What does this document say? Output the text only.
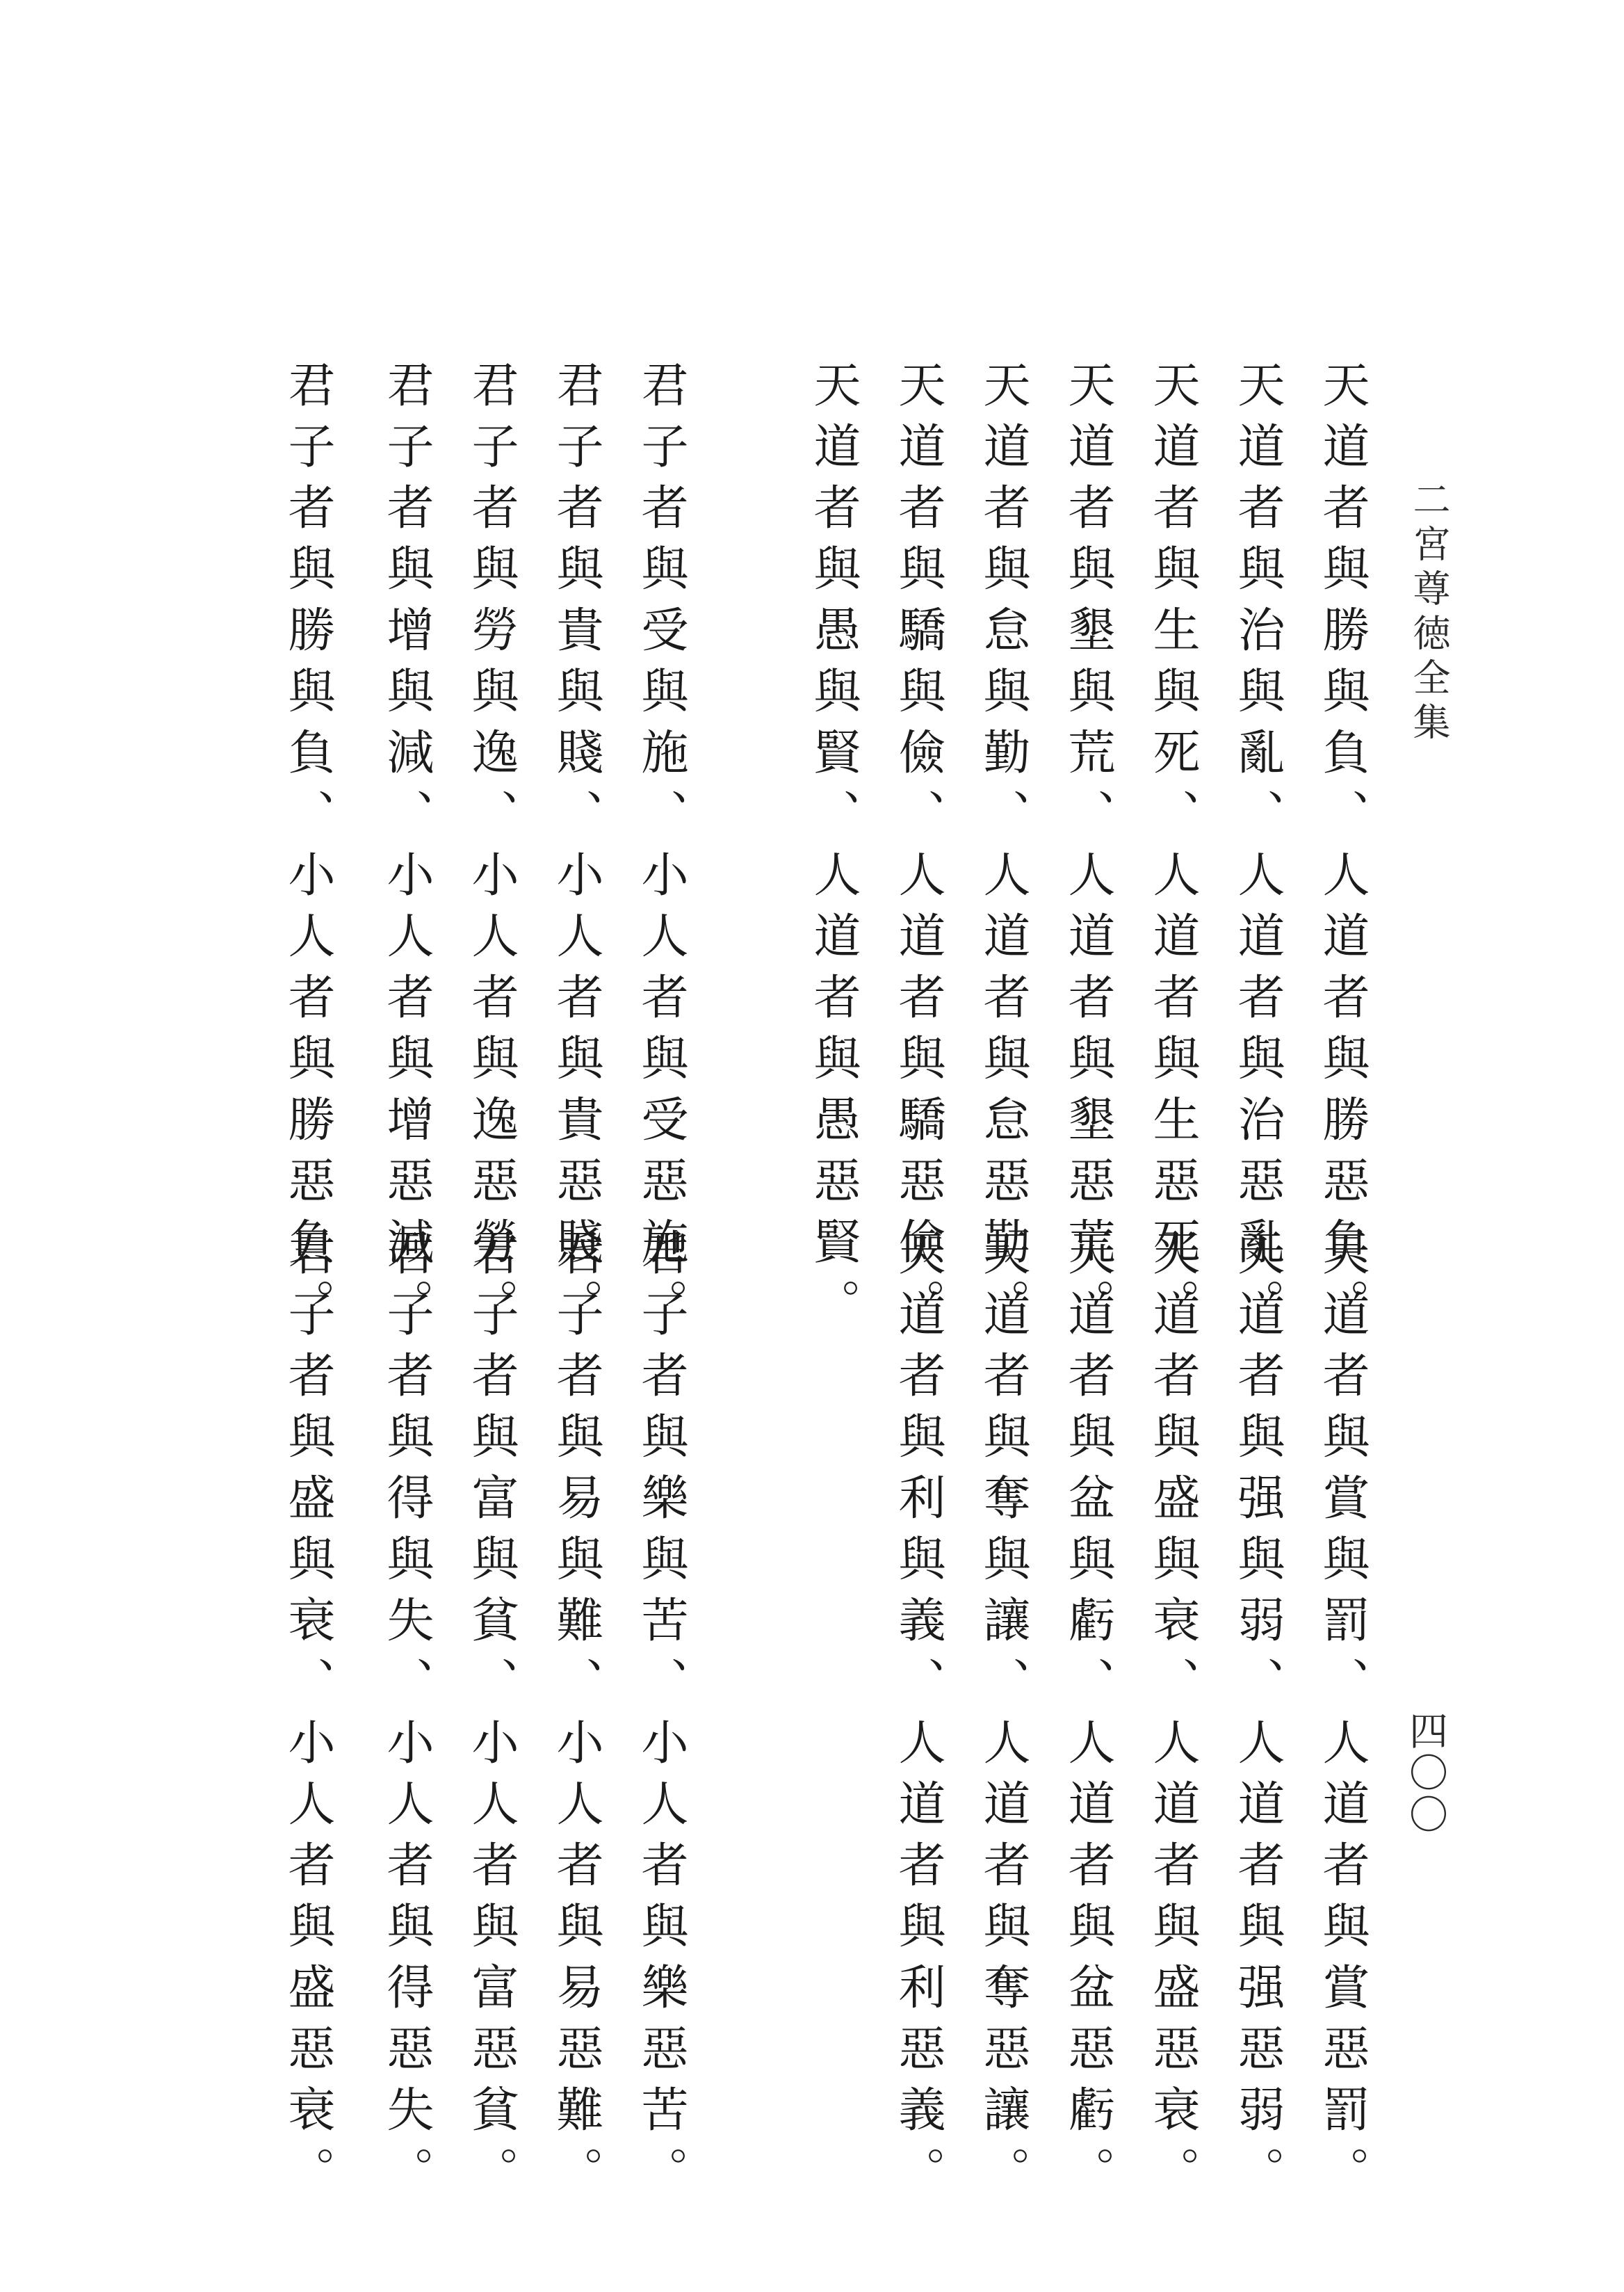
二宮尊徳全集
四〇〇
天道者與勝與負、人道者與勝惡負。
天道者與治與亂、人道者與治惡亂。
天道者與生與死、人道者與生惡死。
天道者與墾與荒、人道者與墾惡荒。
天道者與怠與勤、人道者與怠惡勤。
天道者與驕與儉、人道者與驕惡儉。
天道者與愚與賢、人道者與愚惡賢。
天道者與賞與罰、人道者與賞惡罰。
天道者與强與弱、人道者與强惡弱。
天道者與盛與衰、人道者與盛惡衰。
天道者與盆與虧、人道者與盆惡虧。
天道者與奪與讓、人道者與奪惡讓。
天道者與利與義、人道者與利惡義。
君子者與受與施、小人者與受惡施。
君子者與貴與賤、小人者與貴惡賤。
君子者與勞與逸、小人者與逸惡勞。
君子者與增與減、小人者與增惡減。
君子者與勝與負、小人者與勝惡負。
君子者與樂與苦、小人者與樂惡苦。
君子者與易與難、小人者與易惡難。
君子者與富與貧、小人者與富惡貧。
君子者與得與失、小人者與得惡失。
君子者與盛與衰、小人者與盛惡衰。
